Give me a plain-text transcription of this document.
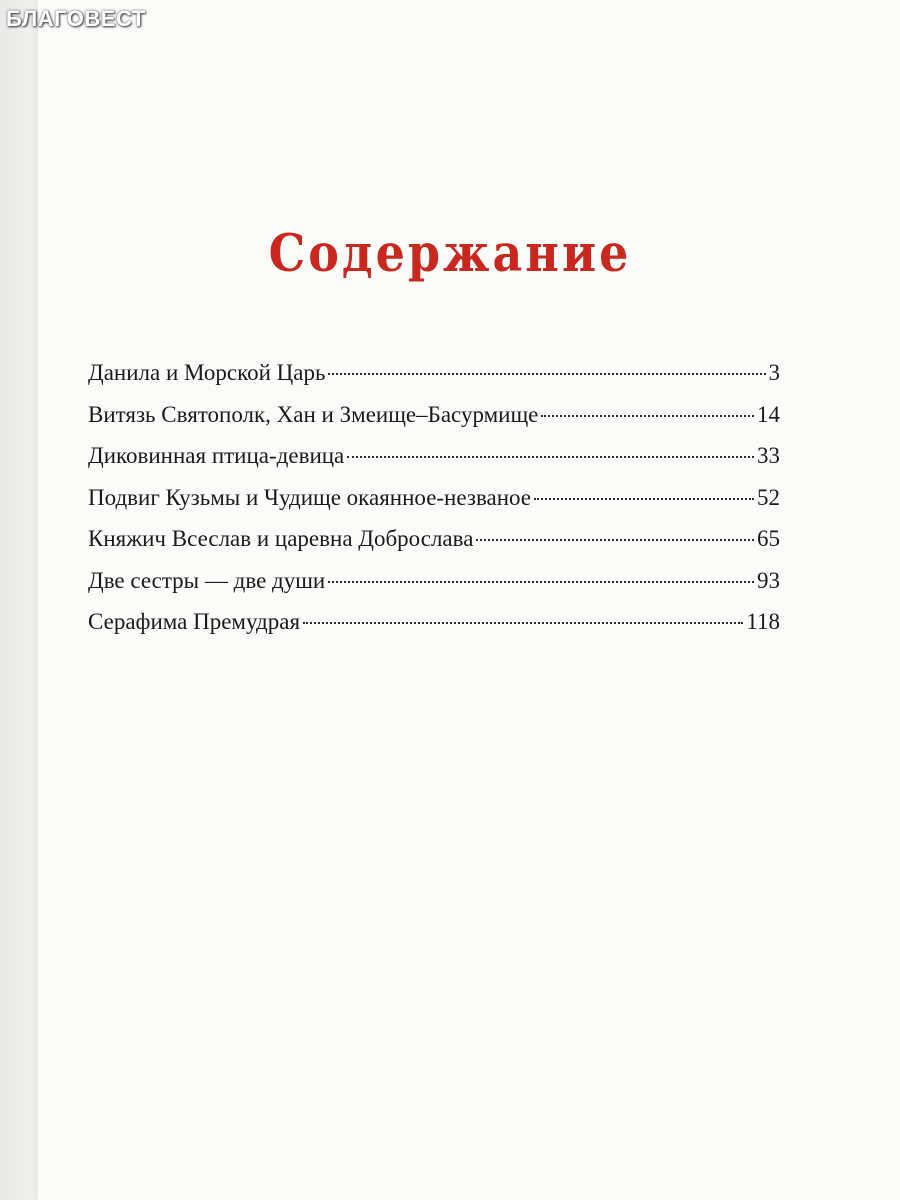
БЛАГОВЕСТ
Содержание
Данила и Морской Царь	3
Витязь Святополк, Хан и Змеище–Басурмище	14
Диковинная птица-девица	33
Подвиг Кузьмы и Чудище окаянное-незваное	52
Княжич Всеслав и царевна Доброслава	65
Две сестры — две души	93
Серафима Премудрая	118
